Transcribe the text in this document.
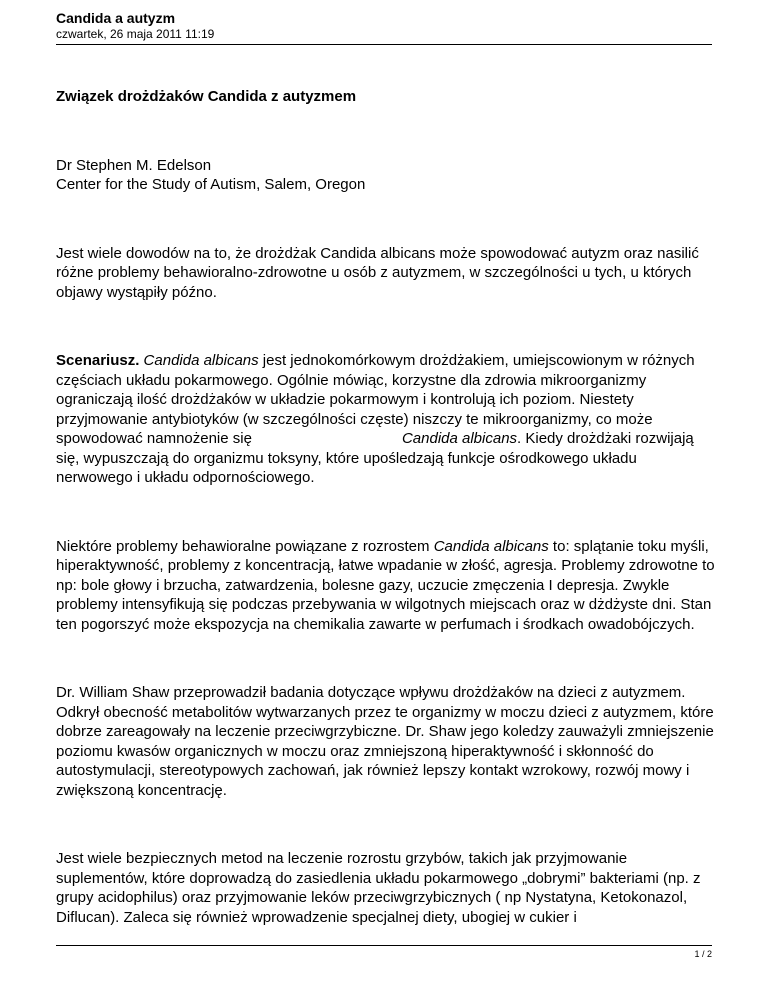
Candida a autyzm

czwartek, 26 maja 2011 11:19

Związek drożdżaków Candida z autyzmem

Dr Stephen M. Edelson

Center for the Study of Autism, Salem, Oregon

Jest wiele dowodów na to, że drożdżak Candida albicans może spowodować autyzm oraz nasilić różne problemy behawioralno-zdrowotne u osób z autyzmem, w szczególności u tych, u których objawy wystąpiły późno.

Scenariusz. Candida albicans jest jednokomórkowym drożdżakiem, umiejscowionym w różnych częściach układu pokarmowego. Ogólnie mówiąc, korzystne dla zdrowia mikroorganizmy ograniczają ilość drożdżaków w układzie pokarmowym i kontrolują ich poziom. Niestety przyjmowanie antybiotyków (w szczególności częste) niszczy te mikroorganizmy, co może spowodować namnożenie się	Candida albicans. Kiedy drożdżaki rozwijają się, wypuszczają do organizmu toksyny, które upośledzają funkcje ośrodkowego układu nerwowego i układu odpornościowego.

Niektóre problemy behawioralne powiązane z rozrostem Candida albicans to: splątanie toku myśli, hiperaktywność, problemy z koncentracją, łatwe wpadanie w złość, agresja. Problemy zdrowotne to np: bole głowy i brzucha, zatwardzenia, bolesne gazy, uczucie zmęczenia I depresja. Zwykle problemy intensyfikują się podczas przebywania w wilgotnych miejscach oraz w dżdżyste dni. Stan ten pogorszyć może ekspozycja na chemikalia zawarte w perfumach i środkach owadobójczych.

Dr. William Shaw przeprowadził badania dotyczące wpływu drożdżaków na dzieci z autyzmem. Odkrył obecność metabolitów wytwarzanych przez te organizmy w moczu dzieci z autyzmem, które dobrze zareagowały na leczenie przeciwgrzybiczne. Dr. Shaw jego koledzy zauważyli zmniejszenie poziomu kwasów organicznych w moczu oraz zmniejszoną hiperaktywność i skłonność do autostymulacji, stereotypowych zachowań, jak również lepszy kontakt wzrokowy, rozwój mowy i zwiększoną koncentrację.

Jest wiele bezpiecznych metod na leczenie rozrostu grzybów, takich jak przyjmowanie suplementów, które doprowadzą do zasiedlenia układu pokarmowego „dobrymi” bakteriami (np. z grupy acidophilus) oraz przyjmowanie leków przeciwgrzybicznych ( np Nystatyna, Ketokonazol, Diflucan). Zaleca się również wprowadzenie specjalnej diety, ubogiej w cukier i

1 / 2
